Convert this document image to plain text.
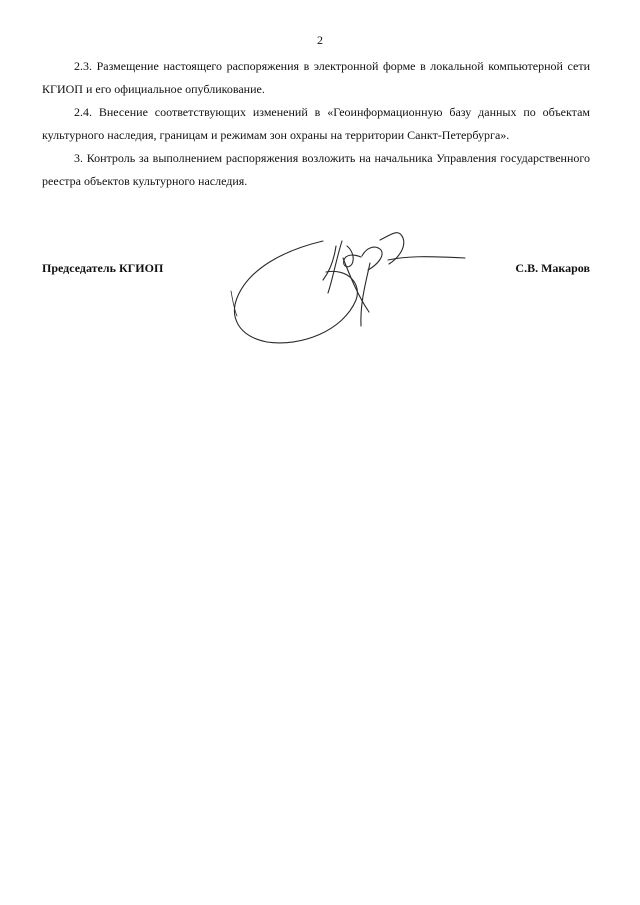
2

2.3. Размещение настоящего распоряжения в электронной форме в локальной компьютерной сети КГИОП и его официальное опубликование.

2.4. Внесение соответствующих изменений в «Геоинформационную базу данных по объектам культурного наследия, границам и режимам зон охраны на территории Санкт-Петербурга».

3. Контроль за выполнением распоряжения возложить на начальника Управления государственного реестра объектов культурного наследия.

Председатель КГИОП	С.В. Макаров
